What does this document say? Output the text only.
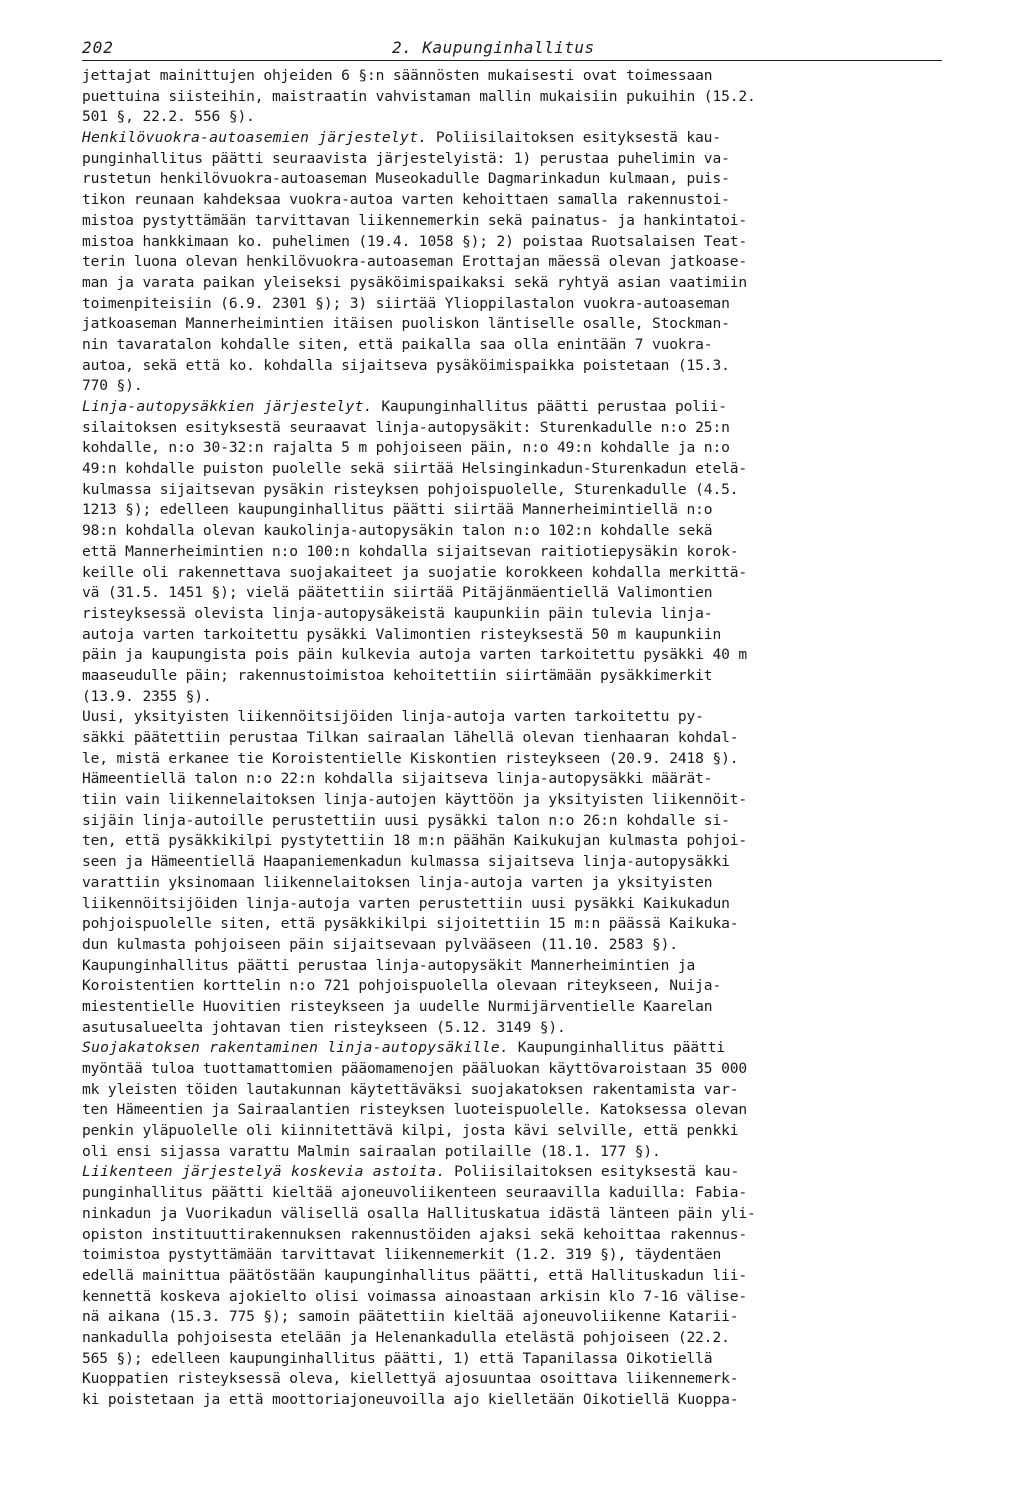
202	2. Kaupunginhallitus
jettajat mainittujen ohjeiden 6 §:n säännösten mukaisesti ovat toimessaan
puettuina siisteihin, maistraatin vahvistaman mallin mukaisiin pukuihin (15.2.
501 §, 22.2. 556 §).
Henkilövuokra-autoasemien järjestelyt. Poliisilaitoksen esityksestä kau-
punginhallitus päätti seuraavista järjestelyistä: 1) perustaa puhelimin va-
rustetun henkilövuokra-autoaseman Museokadulle Dagmarinkadun kulmaan, puis-
tikon reunaan kahdeksaa vuokra-autoa varten kehoittaen samalla rakennustoi-
mistoa pystyttämään tarvittavan liikennemerkin sekä painatus- ja hankintatoi-
mistoa hankkimaan ko. puhelimen (19.4. 1058 §); 2) poistaa Ruotsalaisen Teat-
terin luona olevan henkilövuokra-autoaseman Erottajan mäessä olevan jatkoase-
man ja varata paikan yleiseksi pysäköimispaikaksi sekä ryhtyä asian vaatimiin
toimenpiteisiin (6.9. 2301 §); 3) siirtää Ylioppilastalon vuokra-autoaseman
jatkoaseman Mannerheimintien itäisen puoliskon läntiselle osalle, Stockman-
nin tavaratalon kohdalle siten, että paikalla saa olla enintään 7 vuokra-
autoa, sekä että ko. kohdalla sijaitseva pysäköimispaikka poistetaan (15.3.
770 §).
Linja-autopysäkkien järjestelyt. Kaupunginhallitus päätti perustaa polii-
silaitoksen esityksestä seuraavat linja-autopysäkit: Sturenkadulle n:o 25:n
kohdalle, n:o 30-32:n rajalta 5 m pohjoiseen päin, n:o 49:n kohdalle ja n:o
49:n kohdalle puiston puolelle sekä siirtää Helsinginkadun-Sturenkadun etelä-
kulmassa sijaitsevan pysäkin risteyksen pohjoispuolelle, Sturenkadulle (4.5.
1213 §); edelleen kaupunginhallitus päätti siirtää Mannerheimintiellä n:o
98:n kohdalla olevan kaukolinja-autopysäkin talon n:o 102:n kohdalle sekä
että Mannerheimintien n:o 100:n kohdalla sijaitsevan raitiotiepysäkin korok-
keille oli rakennettava suojakaiteet ja suojatie korokkeen kohdalla merkittä-
vä (31.5. 1451 §); vielä päätettiin siirtää Pitäjänmäentiellä Valimontien
risteyksessä olevista linja-autopysäkeistä kaupunkiin päin tulevia linja-
autoja varten tarkoitettu pysäkki Valimontien risteyksestä 50 m kaupunkiin
päin ja kaupungista pois päin kulkevia autoja varten tarkoitettu pysäkki 40 m
maaseudulle päin; rakennustoimistoa kehoitettiin siirtämään pysäkkimerkit
(13.9. 2355 §).
Uusi, yksityisten liikennöitsijöiden linja-autoja varten tarkoitettu py-
säkki päätettiin perustaa Tilkan sairaalan lähellä olevan tienhaaran kohdal-
le, mistä erkanee tie Koroistentielle Kiskontien risteykseen (20.9. 2418 §).
Hämeentiellä talon n:o 22:n kohdalla sijaitseva linja-autopysäkki määrät-
tiin vain liikennelaitoksen linja-autojen käyttöön ja yksityisten liikennöit-
sijäin linja-autoille perustettiin uusi pysäkki talon n:o 26:n kohdalle si-
ten, että pysäkkikilpi pystytettiin 18 m:n päähän Kaikukujan kulmasta pohjoi-
seen ja Hämeentiellä Haapaniemenkadun kulmassa sijaitseva linja-autopysäkki
varattiin yksinomaan liikennelaitoksen linja-autoja varten ja yksityisten
liikennöitsijöiden linja-autoja varten perustettiin uusi pysäkki Kaikukadun
pohjoispuolelle siten, että pysäkkikilpi sijoitettiin 15 m:n päässä Kaikuka-
dun kulmasta pohjoiseen päin sijaitsevaan pylvääseen (11.10. 2583 §).
Kaupunginhallitus päätti perustaa linja-autopysäkit Mannerheimintien ja
Koroistentien korttelin n:o 721 pohjoispuolella olevaan riteykseen, Nuija-
miestentielle Huovitien risteykseen ja uudelle Nurmijärventielle Kaarelan
asutusalueelta johtavan tien risteykseen (5.12. 3149 §).
Suojakatoksen rakentaminen linja-autopysäkille. Kaupunginhallitus päätti
myöntää tuloa tuottamattomien pääomamenojen pääluokan käyttövaroistaan 35 000
mk yleisten töiden lautakunnan käytettäväksi suojakatoksen rakentamista var-
ten Hämeentien ja Sairaalantien risteyksen luoteispuolelle. Katoksessa olevan
penkin yläpuolelle oli kiinnitettävä kilpi, josta kävi selville, että penkki
oli ensi sijassa varattu Malmin sairaalan potilaille (18.1. 177 §).
Liikenteen järjestelyä koskevia astoita. Poliisilaitoksen esityksestä kau-
punginhallitus päätti kieltää ajoneuvoliikenteen seuraavilla kaduilla: Fabia-
ninkadun ja Vuorikadun välisellä osalla Hallituskatua idästä länteen päin yli-
opiston instituuttirakennuksen rakennustöiden ajaksi sekä kehoittaa rakennus-
toimistoa pystyttämään tarvittavat liikennemerkit (1.2. 319 §), täydentäen
edellä mainittua päätöstään kaupunginhallitus päätti, että Hallituskadun lii-
kennettä koskeva ajokielto olisi voimassa ainoastaan arkisin klo 7-16 välise-
nä aikana (15.3. 775 §); samoin päätettiin kieltää ajoneuvoliikenne Katarii-
nankadulla pohjoisesta etelään ja Helenankadulla etelästä pohjoiseen (22.2.
565 §); edelleen kaupunginhallitus päätti, 1) että Tapanilassa Oikotiellä
Kuoppatien risteyksessä oleva, kiellettyä ajosuuntaa osoittava liikennemerk-
ki poistetaan ja että moottoriajoneuvoilla ajo kielletään Oikotiellä Kuoppa-
